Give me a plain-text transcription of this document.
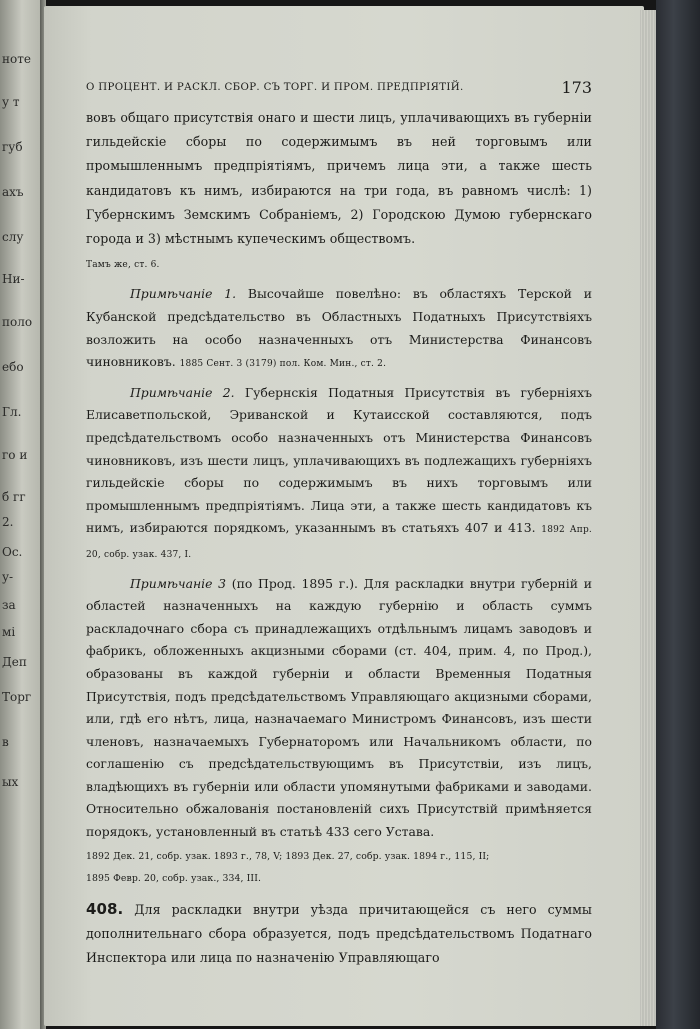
ноте
у т
губ
ахъ
слу
Ни-
поло
ебо
Гл.
го и
б гг
2.
Ос.
у-
за
мі
Деп
Торг
в
ых
О ПРОЦЕНТ. И РАСКЛ. СБОР. СЪ ТОРГ. И ПРОМ. ПРЕДПРІЯТІЙ.	173

вовъ общаго присутствія онаго и шести лицъ, уплачивающихъ въ губерніи гильдейскіе сборы по содержимымъ въ ней торговымъ или промышленнымъ предпріятіямъ, причемъ лица эти, а также шесть кандидатовъ къ нимъ, избираются на три года, въ равномъ числѣ: 1) Губернскимъ Земскимъ Собраніемъ, 2) Городскою Думою губернскаго города и 3) мѣстнымъ купеческимъ обществомъ.
Тамъ же, ст. 6.

Примѣчаніе 1. Высочайше повелѣно: въ областяхъ Терской и Кубанской предсѣдательство въ Областныхъ Податныхъ Присутствіяхъ возложить на особо назначенныхъ отъ Министерства Финансовъ чиновниковъ. 1885 Сент. 3 (3179) пол. Ком. Мин., ст. 2.

Примѣчаніе 2. Губернскія Податныя Присутствія въ губерніяхъ Елисаветпольской, Эриванской и Кутаисской составляются, подъ предсѣдательствомъ особо назначенныхъ отъ Министерства Финансовъ чиновниковъ, изъ шести лицъ, уплачивающихъ въ подлежащихъ губерніяхъ гильдейскіе сборы по содержимымъ въ нихъ торговымъ или промышленнымъ предпріятіямъ. Лица эти, а также шесть кандидатовъ къ нимъ, избираются порядкомъ, указаннымъ въ статьяхъ 407 и 413. 1892 Апр. 20, собр. узак. 437, I.

Примѣчаніе 3 (по Прод. 1895 г.). Для раскладки внутри губерній и областей назначенныхъ на каждую губернію и область суммъ раскладочнаго сбора съ принадлежащихъ отдѣльнымъ лицамъ заводовъ и фабрикъ, обложенныхъ акцизными сборами (ст. 404, прим. 4, по Прод.), образованы въ каждой губерніи и области Временныя Податныя Присутствія, подъ предсѣдательствомъ Управляющаго акцизными сборами, или, гдѣ его нѣтъ, лица, назначаемаго Министромъ Финансовъ, изъ шести членовъ, назначаемыхъ Губернаторомъ или Начальникомъ области, по соглашенію съ предсѣдательствующимъ въ Присутствіи, изъ лицъ, владѣющихъ въ губерніи или области упомянутыми фабриками и заводами. Относительно обжалованія постановленій сихъ Присутствій примѣняется порядокъ, установленный въ статьѣ 433 сего Устава.
1892 Дек. 21, собр. узак. 1893 г., 78, V; 1893 Дек. 27, собр. узак. 1894 г., 115, II;
1895 Февр. 20, собр. узак., 334, III.

408. Для раскладки внутри уѣзда причитающейся съ него суммы дополнительнаго сбора образуется, подъ предсѣдательствомъ Податнаго Инспектора или лица по назначенію Управляющаго
